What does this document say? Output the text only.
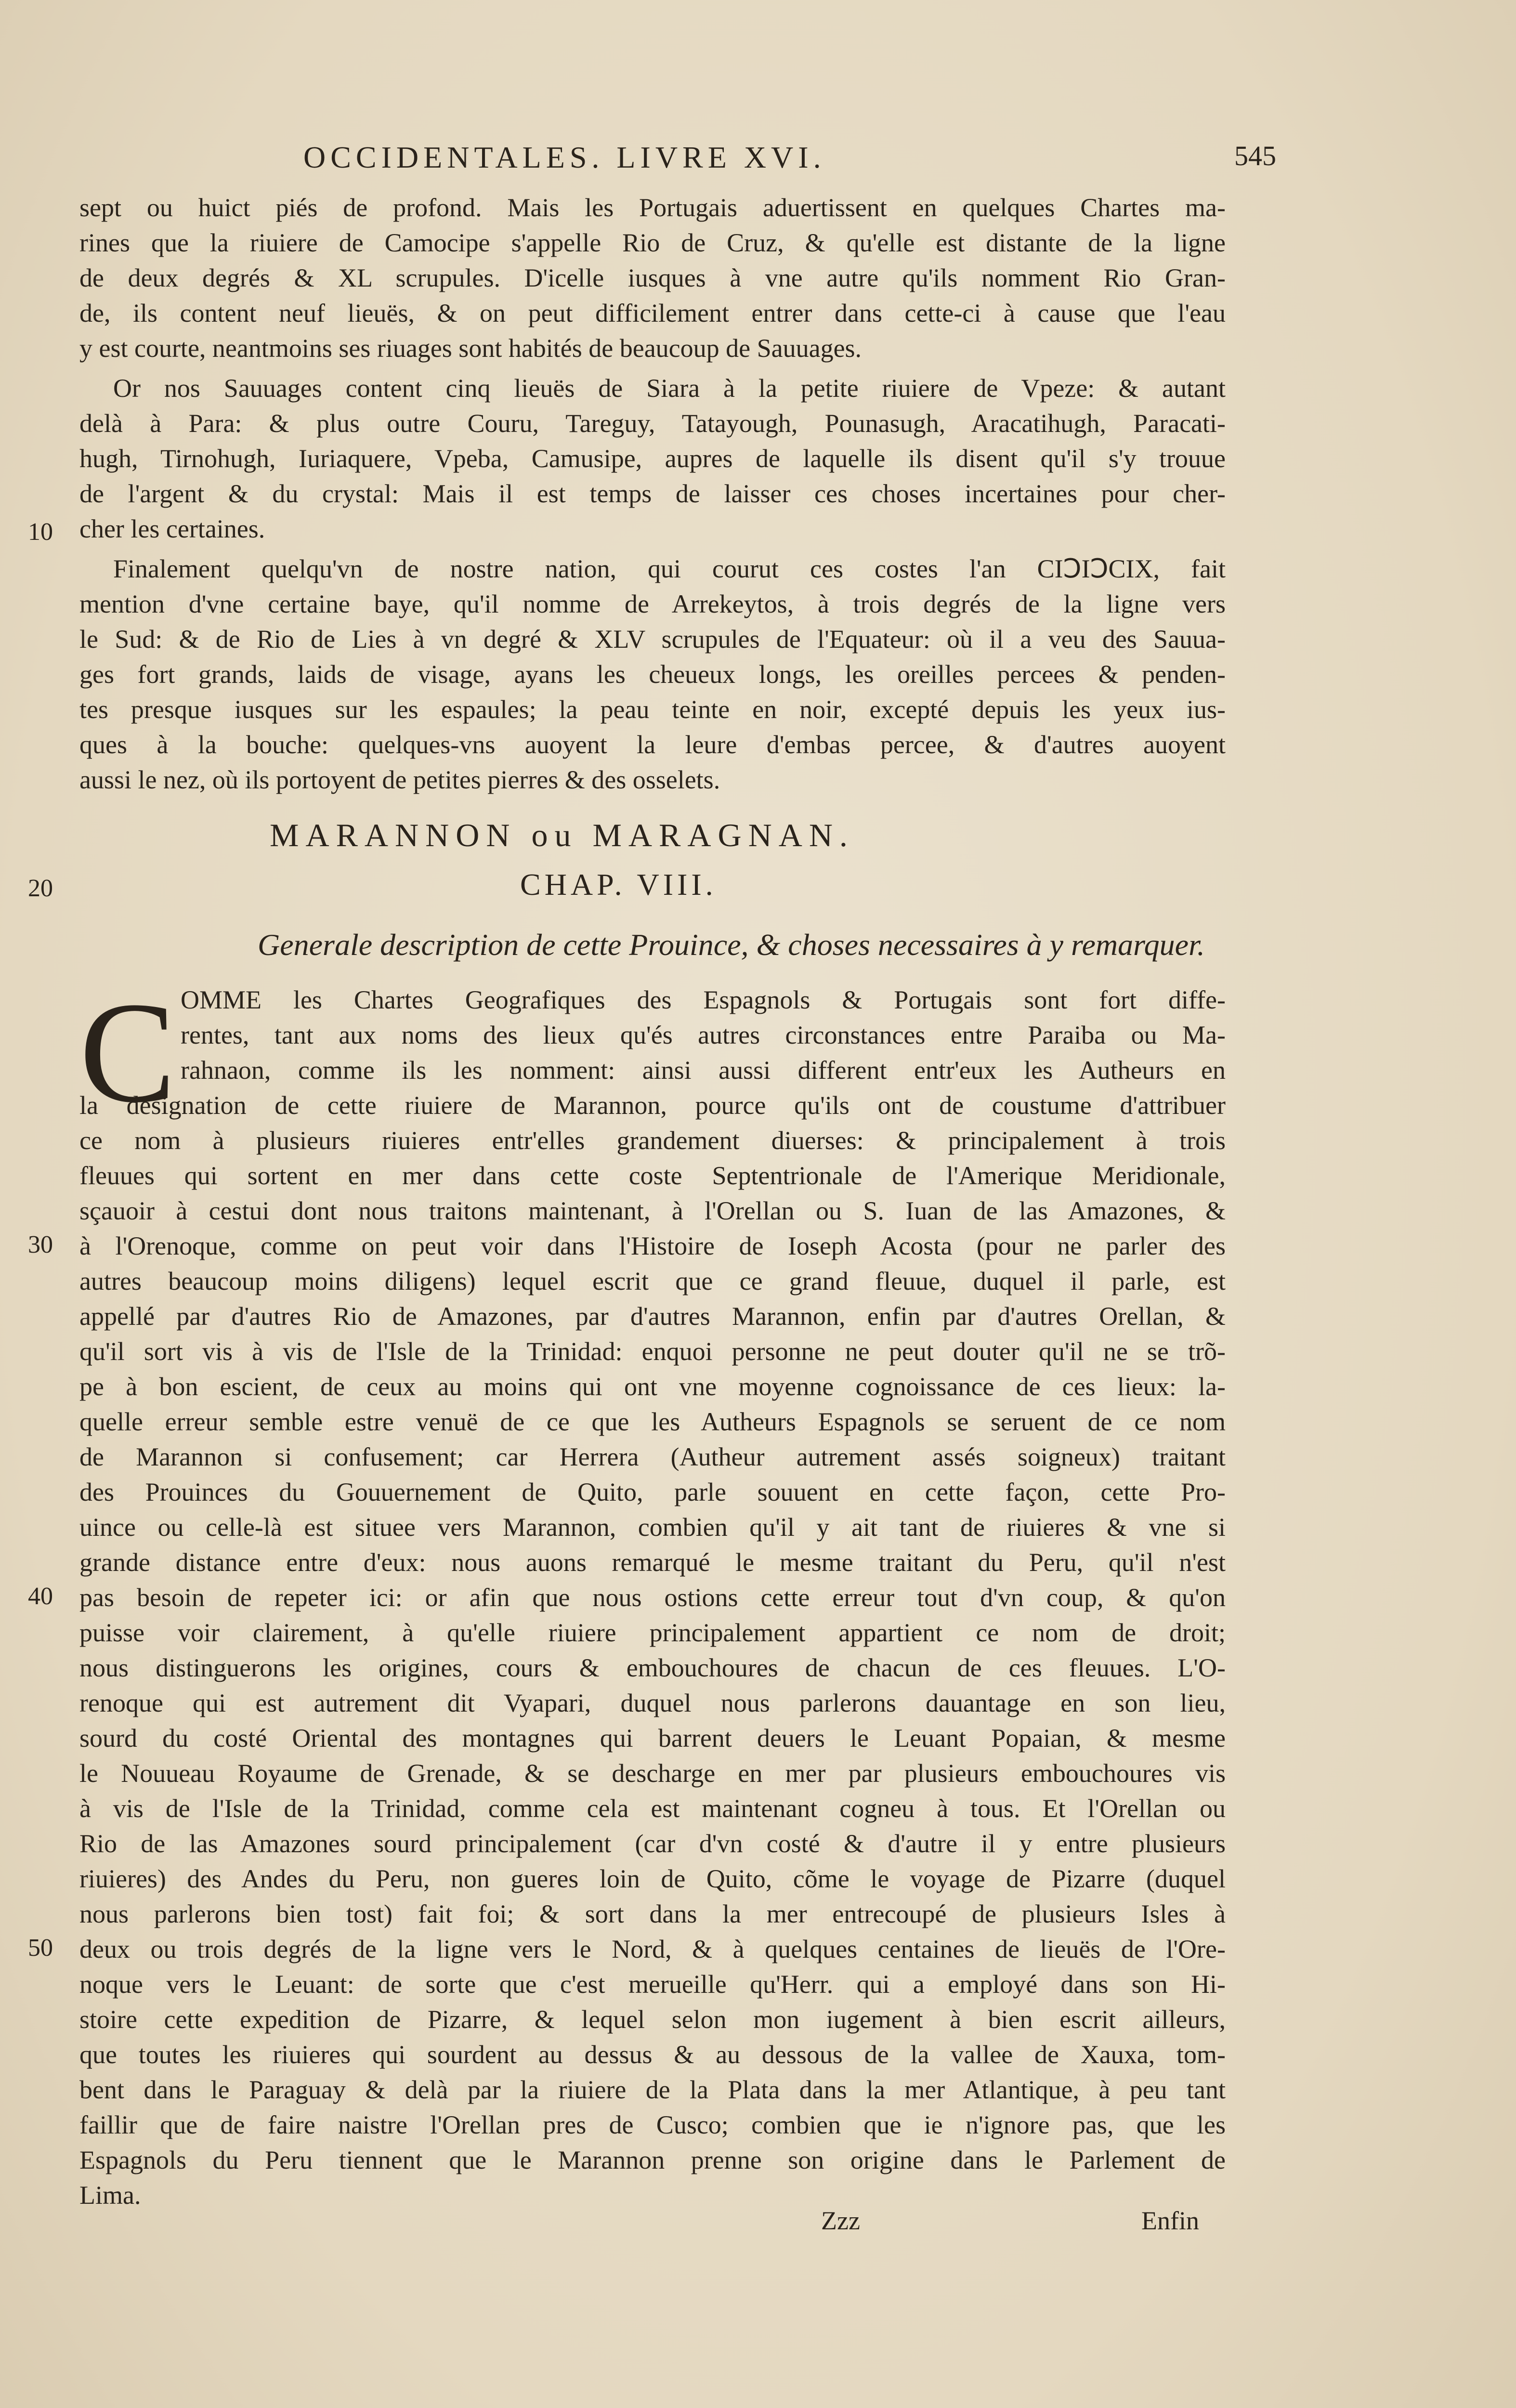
OCCIDENTALES. LIVRE XVI.	545
sept ou huict piés de profond. Mais les Portugais aduertissent en quelques Chartes ma-
rines que la riuiere de Camocipe s'appelle Rio de Cruz, & qu'elle est distante de la ligne
de deux degrés & XL scrupules. D'icelle iusques à vne autre qu'ils nomment Rio Gran-
de, ils content neuf lieuës, & on peut difficilement entrer dans cette-ci à cause que l'eau
y est courte, neantmoins ses riuages sont habités de beaucoup de Sauuages.
Or nos Sauuages content cinq lieuës de Siara à la petite riuiere de Vpeze: & autant
delà à Para: & plus outre Couru, Tareguy, Tatayough, Pounasugh, Aracatihugh, Paracati-
hugh, Tirnohugh, Iuriaquere, Vpeba, Camusipe, aupres de laquelle ils disent qu'il s'y trouue
de l'argent & du crystal: Mais il est temps de laisser ces choses incertaines pour cher-
cher les certaines.
Finalement quelqu'vn de nostre nation, qui courut ces costes l'an CIↃIↃCIX, fait
mention d'vne certaine baye, qu'il nomme de Arrekeytos, à trois degrés de la ligne vers
le Sud: & de Rio de Lies à vn degré & XLV scrupules de l'Equateur: où il a veu des Sauua-
ges fort grands, laids de visage, ayans les cheueux longs, les oreilles percees & penden-
tes presque iusques sur les espaules; la peau teinte en noir, excepté depuis les yeux ius-
ques à la bouche: quelques-vns auoyent la leure d'embas percee, & d'autres auoyent
aussi le nez, où ils portoyent de petites pierres & des osselets.
MARANNON ou MARAGNAN.
CHAP. VIII.
Generale description de cette Prouince, & choses necessaires à y remarquer.
C OMME les Chartes Geografiques des Espagnols & Portugais sont fort diffe-
rentes, tant aux noms des lieux qu'és autres circonstances entre Paraiba ou Ma-
rahnaon, comme ils les nomment: ainsi aussi different entr'eux les Autheurs en
la designation de cette riuiere de Marannon, pource qu'ils ont de coustume d'attribuer
ce nom à plusieurs riuieres entr'elles grandement diuerses: & principalement à trois
fleuues qui sortent en mer dans cette coste Septentrionale de l'Amerique Meridionale,
sçauoir à cestui dont nous traitons maintenant, à l'Orellan ou S. Iuan de las Amazones, &
à l'Orenoque, comme on peut voir dans l'Histoire de Ioseph Acosta (pour ne parler des
autres beaucoup moins diligens) lequel escrit que ce grand fleuue, duquel il parle, est
appellé par d'autres Rio de Amazones, par d'autres Marannon, enfin par d'autres Orellan, &
qu'il sort vis à vis de l'Isle de la Trinidad: enquoi personne ne peut douter qu'il ne se trõ-
pe à bon escient, de ceux au moins qui ont vne moyenne cognoissance de ces lieux: la-
quelle erreur semble estre venuë de ce que les Autheurs Espagnols se seruent de ce nom
de Marannon si confusement; car Herrera (Autheur autrement assés soigneux) traitant
des Prouinces du Gouuernement de Quito, parle souuent en cette façon, cette Pro-
uince ou celle-là est situee vers Marannon, combien qu'il y ait tant de riuieres & vne si
grande distance entre d'eux: nous auons remarqué le mesme traitant du Peru, qu'il n'est
pas besoin de repeter ici: or afin que nous ostions cette erreur tout d'vn coup, & qu'on
puisse voir clairement, à qu'elle riuiere principalement appartient ce nom de droit;
nous distinguerons les origines, cours & embouchoures de chacun de ces fleuues. L'O-
renoque qui est autrement dit Vyapari, duquel nous parlerons dauantage en son lieu,
sourd du costé Oriental des montagnes qui barrent deuers le Leuant Popaian, & mesme
le Nouueau Royaume de Grenade, & se descharge en mer par plusieurs embouchoures vis
à vis de l'Isle de la Trinidad, comme cela est maintenant cogneu à tous. Et l'Orellan ou
Rio de las Amazones sourd principalement (car d'vn costé & d'autre il y entre plusieurs
riuieres) des Andes du Peru, non gueres loin de Quito, cõme le voyage de Pizarre (duquel
nous parlerons bien tost) fait foi; & sort dans la mer entrecoupé de plusieurs Isles à
deux ou trois degrés de la ligne vers le Nord, & à quelques centaines de lieuës de l'Ore-
noque vers le Leuant: de sorte que c'est merueille qu'Herr. qui a employé dans son Hi-
stoire cette expedition de Pizarre, & lequel selon mon iugement à bien escrit ailleurs,
que toutes les riuieres qui sourdent au dessus & au dessous de la vallee de Xauxa, tom-
bent dans le Paraguay & delà par la riuiere de la Plata dans la mer Atlantique, à peu tant
faillir que de faire naistre l'Orellan pres de Cusco; combien que ie n'ignore pas, que les
Espagnols du Peru tiennent que le Marannon prenne son origine dans le Parlement de
Lima.
10
20
30
40
50
Zzz	Enfin
